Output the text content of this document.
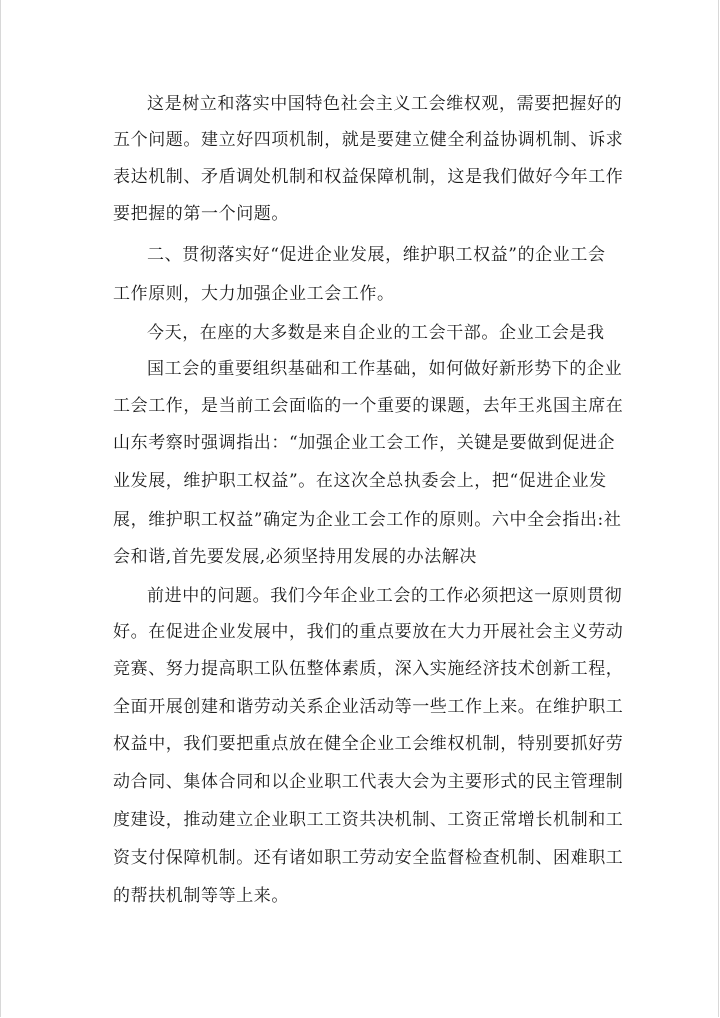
这是树立和落实中国特色社会主义工会维权观，需要把握好的
五个问题。建立好四项机制，就是要建立健全利益协调机制、诉求
表达机制、矛盾调处机制和权益保障机制，这是我们做好今年工作
要把握的第一个问题。
二、贯彻落实好“促进企业发展，维护职工权益”的企业工会
工作原则，大力加强企业工会工作。
今天，在座的大多数是来自企业的工会干部。企业工会是我
国工会的重要组织基础和工作基础，如何做好新形势下的企业
工会工作，是当前工会面临的一个重要的课题，去年王兆国主席在
山东考察时强调指出：“加强企业工会工作，关键是要做到促进企
业发展，维护职工权益”。在这次全总执委会上，把“促进企业发
展，维护职工权益”确定为企业工会工作的原则。六中全会指出:社
会和谐,首先要发展,必须坚持用发展的办法解决
前进中的问题。我们今年企业工会的工作必须把这一原则贯彻
好。在促进企业发展中，我们的重点要放在大力开展社会主义劳动
竞赛、努力提高职工队伍整体素质，深入实施经济技术创新工程，
全面开展创建和谐劳动关系企业活动等一些工作上来。在维护职工
权益中，我们要把重点放在健全企业工会维权机制，特别要抓好劳
动合同、集体合同和以企业职工代表大会为主要形式的民主管理制
度建设，推动建立企业职工工资共决机制、工资正常增长机制和工
资支付保障机制。还有诸如职工劳动安全监督检查机制、困难职工
的帮扶机制等等上来。
